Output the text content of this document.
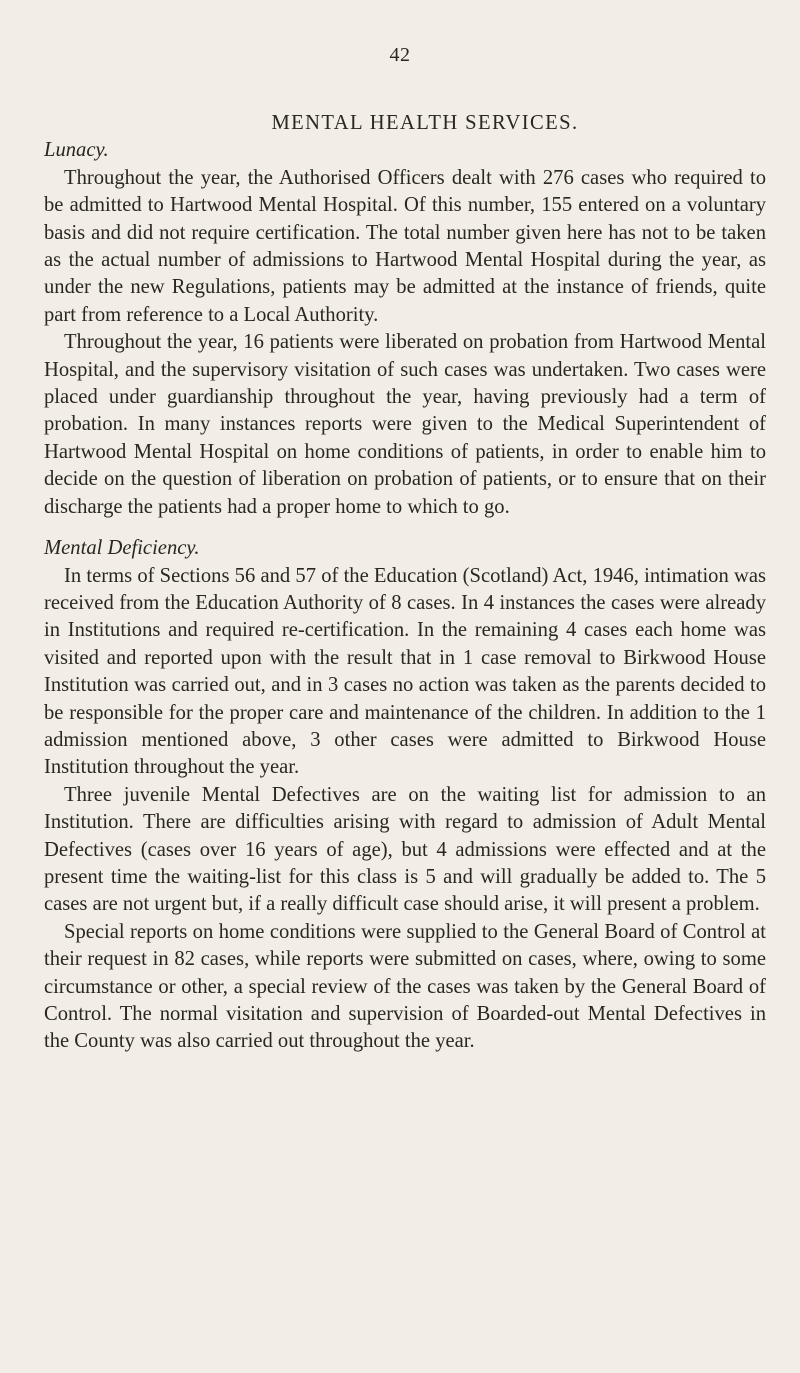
42
MENTAL HEALTH SERVICES.
Lunacy.

Throughout the year, the Authorised Officers dealt with 276 cases who required to be admitted to Hartwood Mental Hospital. Of this number, 155 entered on a voluntary basis and did not require certification. The total number given here has not to be taken as the actual number of admissions to Hartwood Mental Hospital during the year, as under the new Regulations, patients may be admitted at the instance of friends, quite part from reference to a Local Authority.

Throughout the year, 16 patients were liberated on probation from Hartwood Mental Hospital, and the supervisory visitation of such cases was undertaken. Two cases were placed under guardianship throughout the year, having previously had a term of probation. In many instances reports were given to the Medical Superintendent of Hartwood Mental Hospital on home conditions of patients, in order to enable him to decide on the question of liberation on probation of patients, or to ensure that on their discharge the patients had a proper home to which to go.

Mental Deficiency.

In terms of Sections 56 and 57 of the Education (Scotland) Act, 1946, intimation was received from the Education Authority of 8 cases. In 4 instances the cases were already in Institutions and required re-certification. In the remaining 4 cases each home was visited and reported upon with the result that in 1 case removal to Birkwood House Institution was carried out, and in 3 cases no action was taken as the parents decided to be responsible for the proper care and maintenance of the children. In addition to the 1 admission mentioned above, 3 other cases were admitted to Birkwood House Institution throughout the year.

Three juvenile Mental Defectives are on the waiting list for admission to an Institution. There are difficulties arising with regard to admission of Adult Mental Defectives (cases over 16 years of age), but 4 admissions were effected and at the present time the waiting-list for this class is 5 and will gradually be added to. The 5 cases are not urgent but, if a really difficult case should arise, it will present a problem.

Special reports on home conditions were supplied to the General Board of Control at their request in 82 cases, while reports were submitted on cases, where, owing to some circumstance or other, a special review of the cases was taken by the General Board of Control. The normal visitation and supervision of Boarded-out Mental Defectives in the County was also carried out throughout the year.
